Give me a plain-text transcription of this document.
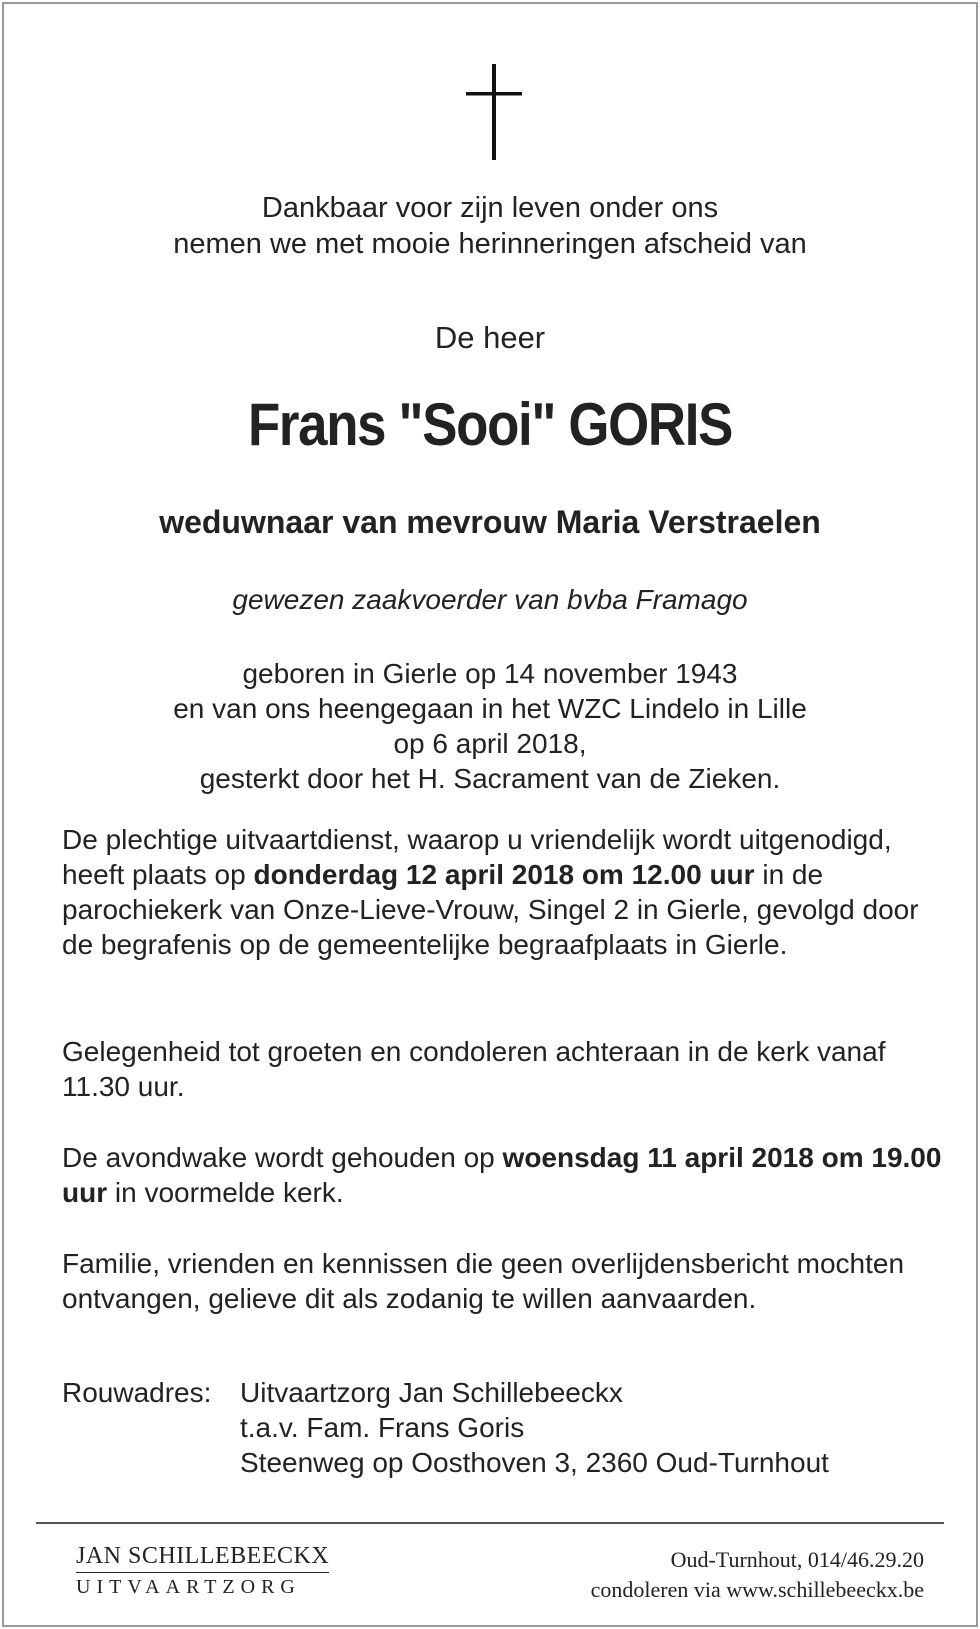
Dankbaar voor zijn leven onder ons
nemen we met mooie herinneringen afscheid van
De heer
Frans "Sooi" GORIS
weduwnaar van mevrouw Maria Verstraelen
gewezen zaakvoerder van bvba Framago
geboren in Gierle op 14 november 1943
en van ons heengegaan in het WZC Lindelo in Lille
op 6 april 2018,
gesterkt door het H. Sacrament van de Zieken.

De plechtige uitvaartdienst, waarop u vriendelijk wordt uitgenodigd, heeft plaats op donderdag 12 april 2018 om 12.00 uur in de parochiekerk van Onze-Lieve-Vrouw, Singel 2 in Gierle, gevolgd door de begrafenis op de gemeentelijke begraafplaats in Gierle.

Gelegenheid tot groeten en condoleren achteraan in de kerk vanaf 11.30 uur.

De avondwake wordt gehouden op woensdag 11 april 2018 om 19.00 uur in voormelde kerk.

Familie, vrienden en kennissen die geen overlijdensbericht mochten ontvangen, gelieve dit als zodanig te willen aanvaarden.

Rouwadres: Uitvaartzorg Jan Schillebeeckx
t.a.v. Fam. Frans Goris
Steenweg op Oosthoven 3, 2360 Oud-Turnhout
JAN SCHILLEBEECKX
UITVAARTZORG
Oud-Turnhout, 014/46.29.20
condoleren via www.schillebeeckx.be
